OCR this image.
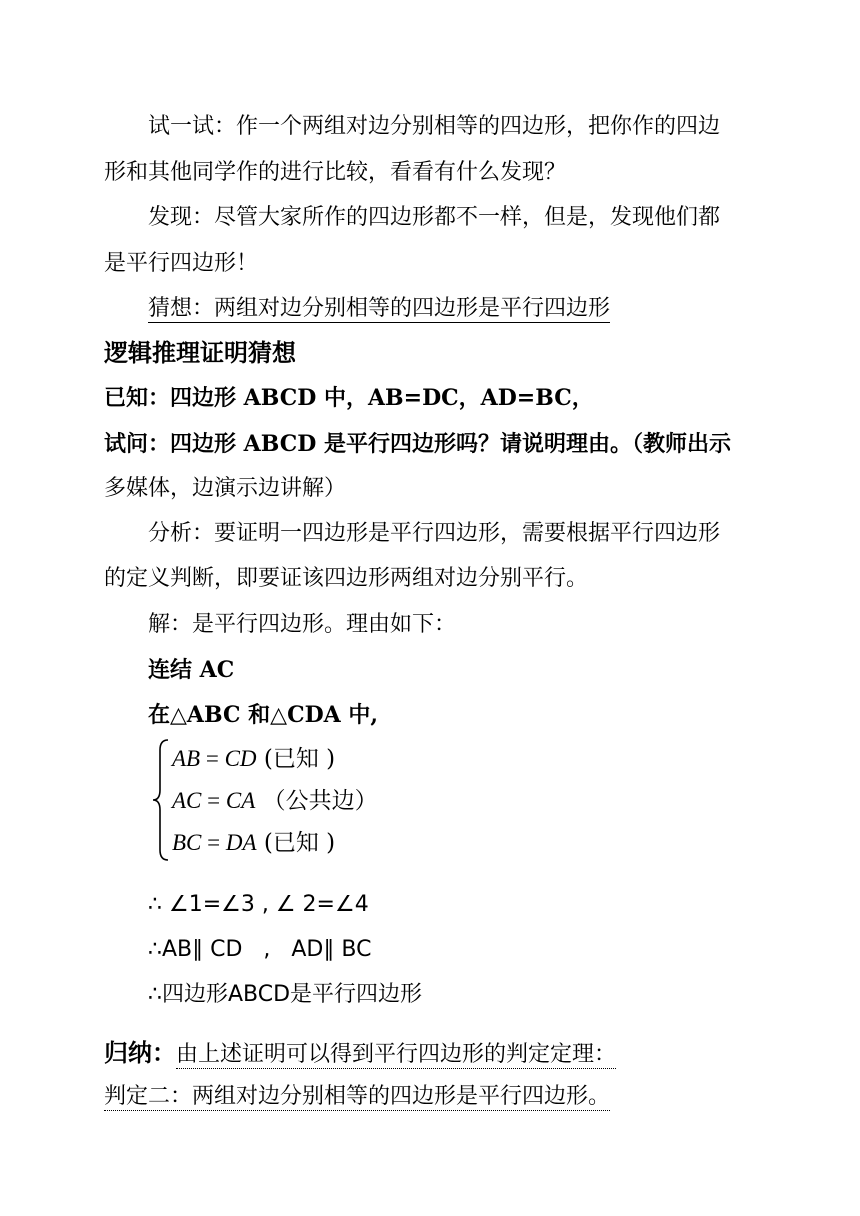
试一试：作一个两组对边分别相等的四边形，把你作的四边
形和其他同学作的进行比较，看看有什么发现？
发现：尽管大家所作的四边形都不一样，但是，发现他们都
是平行四边形！
猜想：两组对边分别相等的四边形是平行四边形
逻辑推理证明猜想
已知：四边形 ABCD 中，AB=DC，AD=BC，
试问：四边形 ABCD 是平行四边形吗？请说明理由。（教师出示
多媒体，边演示边讲解）
分析：要证明一四边形是平行四边形，需要根据平行四边形
的定义判断，即要证该四边形两组对边分别平行。
解：是平行四边形。理由如下：
连结 AC
在△ABC 和△CDA 中,
AB = CD (已知 )
AC = CA （公共边）
BC = DA (已知 )
∴ ∠1=∠3 , ∠ 2=∠4
∴AB∥ CD   ,   AD∥ BC
∴四边形ABCD是平行四边形
归纳：由上述证明可以得到平行四边形的判定定理：
判定二：两组对边分别相等的四边形是平行四边形。
